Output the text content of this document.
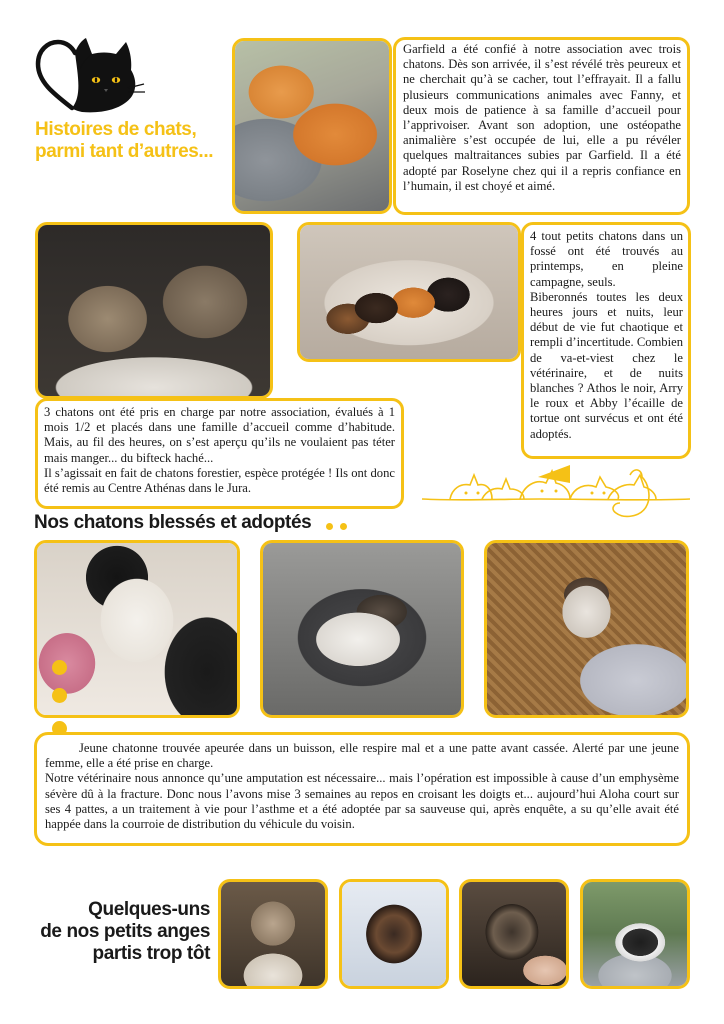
Histoires de chats,
parmi tant d’autres...

Garfield a été confié à notre association avec trois chatons. Dès son arrivée, il s’est révélé très peureux et ne cherchait qu’à se cacher, tout l’effrayait. Il a fallu plusieurs communications animales avec Fanny, et deux mois de patience à sa famille d’accueil pour l’apprivoiser. Avant son adoption, une ostéopathe animalière s’est occupée de lui, elle a pu révéler quelques maltraitances subies par Garfield. Il a été adopté par Roselyne chez qui il a repris confiance en l’humain, il est choyé et aimé.

4 tout petits chatons dans un fossé ont été trouvés au printemps, en pleine campagne, seuls.

Biberonnés toutes les deux heures jours et nuits, leur début de vie fut chaotique et rempli d’incertitude. Combien de va-et-viest chez le vétérinaire, et de nuits blanches ? Athos le noir, Arry le roux et Abby l’écaille de tortue ont survécus et ont été adoptés.

3 chatons ont été pris en charge par notre association, évalués à 1 mois 1/2 et placés dans une famille d’accueil comme d’habitude. Mais, au fil des heures, on s’est aperçu qu’ils ne voulaient pas téter mais manger... du bifteck haché...

Il s’agissait en fait de chatons forestier, espèce protégée ! Ils ont donc été remis au Centre Athénas dans le Jura.

Nos chatons blessés et adoptés

Jeune chatonne trouvée apeurée dans un buisson, elle respire mal et a une patte avant cassée. Alerté par une jeune femme, elle a été prise en charge.

Notre vétérinaire nous annonce qu’une amputation est nécessaire... mais l’opération est impossible à cause d’un emphysème sévère dû à la fracture. Donc nous l’avons mise 3 semaines au repos en croisant les doigts et... aujourd’hui Aloha court sur ses 4 pattes, a un traitement à vie pour l’asthme et a été adoptée par sa sauveuse qui, après enquête, a su qu’elle avait été happée dans la courroie de distribution du véhicule du voisin.

Quelques-uns
de nos petits anges
partis trop tôt
